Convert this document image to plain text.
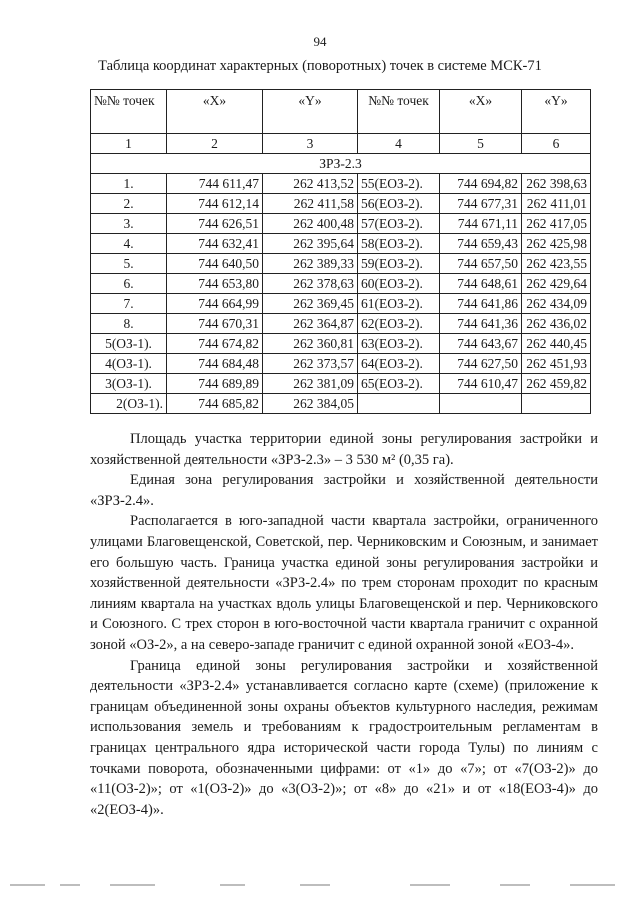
94
Таблица координат характерных (поворотных) точек в системе МСК-71
№№ точек	«X»	«Y»	№№ точек	«X»	«Y»
1	2	3	4	5	6
ЗРЗ-2.3					
1.	744 611,47	262 413,52	55(ЕОЗ-2).	744 694,82	262 398,63
2.	744 612,14	262 411,58	56(ЕОЗ-2).	744 677,31	262 411,01
3.	744 626,51	262 400,48	57(ЕОЗ-2).	744 671,11	262 417,05
4.	744 632,41	262 395,64	58(ЕОЗ-2).	744 659,43	262 425,98
5.	744 640,50	262 389,33	59(ЕОЗ-2).	744 657,50	262 423,55
6.	744 653,80	262 378,63	60(ЕОЗ-2).	744 648,61	262 429,64
7.	744 664,99	262 369,45	61(ЕОЗ-2).	744 641,86	262 434,09
8.	744 670,31	262 364,87	62(ЕОЗ-2).	744 641,36	262 436,02
5(ОЗ-1).	744 674,82	262 360,81	63(ЕОЗ-2).	744 643,67	262 440,45
4(ОЗ-1).	744 684,48	262 373,57	64(ЕОЗ-2).	744 627,50	262 451,93
3(ОЗ-1).	744 689,89	262 381,09	65(ЕОЗ-2).	744 610,47	262 459,82
2(ОЗ-1).	744 685,82	262 384,05			

Площадь участка территории единой зоны регулирования застройки и хозяйственной деятельности «ЗРЗ-2.3» – 3 530 м² (0,35 га).

Единая зона регулирования застройки и хозяйственной деятельности «ЗРЗ-2.4».

Располагается в юго-западной части квартала застройки, ограниченного улицами Благовещенской, Советской, пер. Черниковским и Союзным, и занимает его большую часть. Граница участка единой зоны регулирования застройки и хозяйственной деятельности «ЗРЗ-2.4» по трем сторонам проходит по красным линиям квартала на участках вдоль улицы Благовещенской и пер. Черниковского и Союзного. С трех сторон в юго-восточной части квартала граничит с охранной зоной «ОЗ-2», а на северо-западе граничит с единой охранной зоной «ЕОЗ-4».

Граница единой зоны регулирования застройки и хозяйственной деятельности «ЗРЗ-2.4» устанавливается согласно карте (схеме) (приложение к границам объединенной зоны охраны объектов культурного наследия, режимам использования земель и требованиям к градостроительным регламентам в границах центрального ядра исторической части города Тулы) по линиям с точками поворота, обозначенными цифрами: от «1» до «7»; от «7(ОЗ-2)» до «11(ОЗ-2)»; от «1(ОЗ-2)» до «3(ОЗ-2)»; от «8» до «21» и от «18(ЕОЗ-4)» до «2(ЕОЗ-4)».
